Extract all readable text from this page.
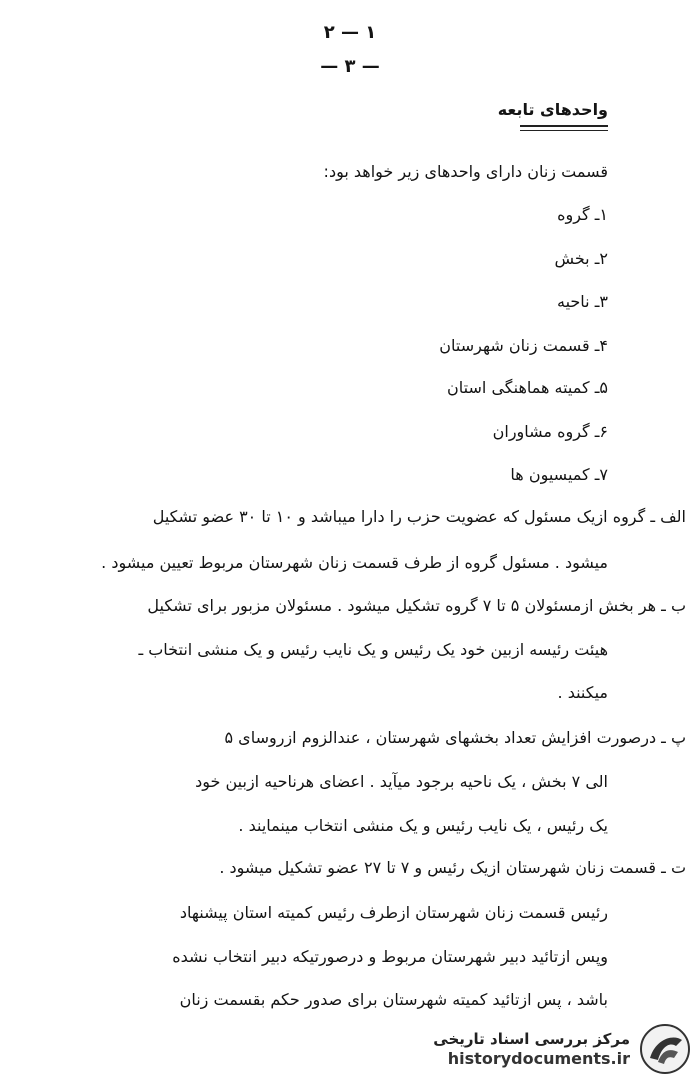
۲ — ۱
— ۳ —
واحدهای تابعه
قسمت زنان دارای واحدهای زیر خواهد بود:
۱ـ گروه
۲ـ بخش
۳ـ ناحیه
۴ـ قسمت زنان شهرستان
۵ـ کمیته هماهنگی استان
۶ـ گروه مشاوران
۷ـ کمیسیون ها
الف ـ گروه ازیک مسئول که عضویت حزب را دارا میباشد و ۱۰ تا ۳۰ عضو تشکیل
میشود . مسئول گروه از طرف قسمت زنان شهرستان مربوط تعیین میشود .
ب ـ هر بخش ازمسئولان ۵ تا ۷ گروه تشکیل میشود . مسئولان مزبور برای تشکیل
هیئت رئیسه ازبین خود یک رئیس و یک نایب رئیس و یک منشی انتخاب ـ
میکنند .
پ ـ درصورت افزایش تعداد بخشهای شهرستان ، عندالزوم ازروسای ۵
الی ۷ بخش ، یک ناحیه برجود میآید . اعضای هرناحیه ازبین خود
یک رئیس ، یک نایب رئیس و یک منشی انتخاب مینمایند .
ت ـ قسمت زنان شهرستان ازیک رئیس و ۷ تا ۲۷ عضو تشکیل میشود .
رئیس قسمت زنان شهرستان ازطرف رئیس کمیته استان پیشنهاد
وپس ازتائید دبیر شهرستان مربوط و درصورتیکه دبیر انتخاب نشده
باشد ، پس ازتائید کمیته شهرستان برای صدور حکم بقسمت زنان
مرکز بررسی اسناد تاریخی
historydocuments.ir
